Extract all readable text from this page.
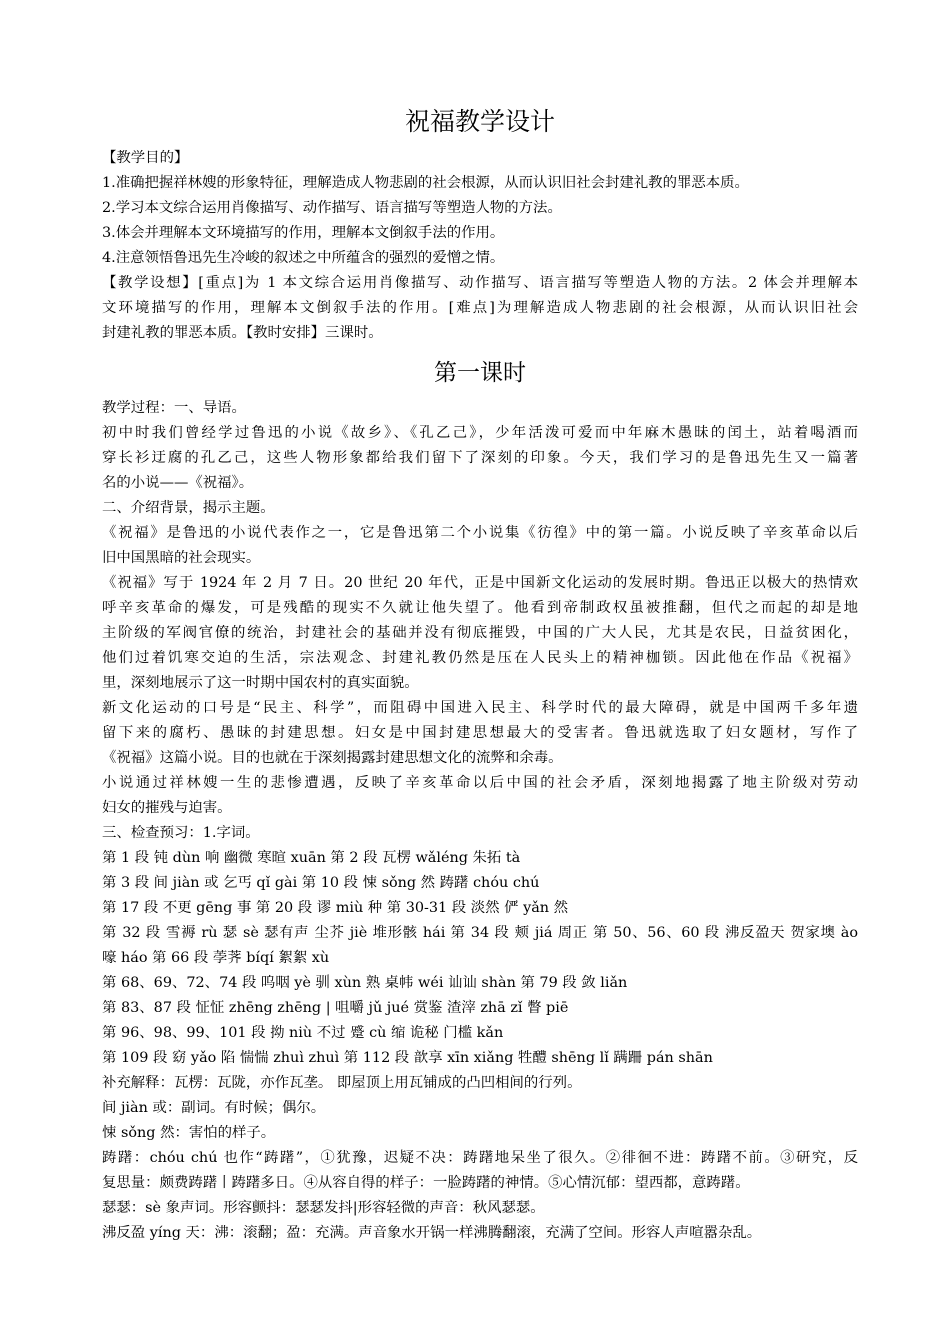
祝福教学设计
【教学目的】
1.准确把握祥林嫂的形象特征，理解造成人物悲剧的社会根源，从而认识旧社会封建礼教的罪恶本质。
2.学习本文综合运用肖像描写、动作描写、语言描写等塑造人物的方法。
3.体会并理解本文环境描写的作用，理解本文倒叙手法的作用。
4.注意领悟鲁迅先生冷峻的叙述之中所蕴含的强烈的爱憎之情。
【教学设想】[重点]为 1 本文综合运用肖像描写、动作描写、语言描写等塑造人物的方法。2 体会并理解本
文环境描写的作用，理解本文倒叙手法的作用。[难点]为理解造成人物悲剧的社会根源，从而认识旧社会
封建礼教的罪恶本质。【教时安排】三课时。
第一课时
教学过程：一、导语。
初中时我们曾经学过鲁迅的小说《故乡》、《孔乙己》，少年活泼可爱而中年麻木愚昧的闰土，站着喝酒而
穿长衫迂腐的孔乙己，这些人物形象都给我们留下了深刻的印象。今天，我们学习的是鲁迅先生又一篇著
名的小说——《祝福》。
二、介绍背景，揭示主题。
《祝福》是鲁迅的小说代表作之一，它是鲁迅第二个小说集《彷徨》中的第一篇。小说反映了辛亥革命以后
旧中国黑暗的社会现实。
《祝福》写于 1924 年 2 月 7 日。20 世纪 20 年代，正是中国新文化运动的发展时期。鲁迅正以极大的热情欢
呼辛亥革命的爆发，可是残酷的现实不久就让他失望了。他看到帝制政权虽被推翻，但代之而起的却是地
主阶级的军阀官僚的统治，封建社会的基础并没有彻底摧毁，中国的广大人民，尤其是农民，日益贫困化，
他们过着饥寒交迫的生活，宗法观念、封建礼教仍然是压在人民头上的精神枷锁。因此他在作品《祝福》
里，深刻地展示了这一时期中国农村的真实面貌。
新文化运动的口号是“民主、科学”，而阻碍中国进入民主、科学时代的最大障碍，就是中国两千多年遗
留下来的腐朽、愚昧的封建思想。妇女是中国封建思想最大的受害者。鲁迅就选取了妇女题材，写作了
《祝福》这篇小说。目的也就在于深刻揭露封建思想文化的流弊和余毒。
小说通过祥林嫂一生的悲惨遭遇，反映了辛亥革命以后中国的社会矛盾，深刻地揭露了地主阶级对劳动
妇女的摧残与迫害。
三、检查预习：1.字词。
第 1 段 钝 dùn 响 幽微 寒暄 xuān 第 2 段 瓦楞 wǎléng 朱拓 tà
第 3 段 间 jiàn 或 乞丐 qǐ gài 第 10 段 悚 sǒng 然 踌躇 chóu chú
第 17 段 不更 gēng 事 第 20 段 谬 miù 种 第 30-31 段 淡然 俨 yǎn 然
第 32 段 雪褥 rù 瑟 sè 瑟有声 尘芥 jiè 堆形骸 hái 第 34 段 颊 jiá 周正 第 50、56、60 段 沸反盈天 贺家墺 ào
嚎 háo 第 66 段 荸荠 bíqí 絮絮 xù
第 68、69、72、74 段 呜咽 yè 驯 xùn 熟 桌帏 wéi 讪讪 shàn 第 79 段 敛 liǎn
第 83、87 段 怔怔 zhēng zhēng | 咀嚼 jǔ jué 赏鉴 渣滓 zhā zǐ 瞥 piē
第 96、98、99、101 段 拗 niù 不过 蹙 cù 缩 诡秘 门槛 kǎn
第 109 段 窈 yǎo 陷 惴惴 zhuì zhuì 第 112 段 歆享 xīn xiǎng 牲醴 shēng lǐ 蹒跚 pán shān
补充解释：瓦楞：瓦陇，亦作瓦垄。 即屋顶上用瓦铺成的凸凹相间的行列。
间 jiàn 或：副词。有时候；偶尔。
悚 sǒng 然：害怕的样子。
踌躇：chóu chú 也作“踌躇”，①犹豫，迟疑不决：踌躇地呆坐了很久。②徘徊不进：踌躇不前。③研究，反
复思量：颇费踌躇丨踌躇多日。④从容自得的样子：一脸踌躇的神情。⑤心情沉郁：望西都，意踌躇。
瑟瑟：sè 象声词。形容颤抖：瑟瑟发抖|形容轻微的声音：秋风瑟瑟。
沸反盈 yíng 天：沸：滚翻；盈：充满。声音象水开锅一样沸腾翻滚，充满了空间。形容人声喧嚣杂乱。
